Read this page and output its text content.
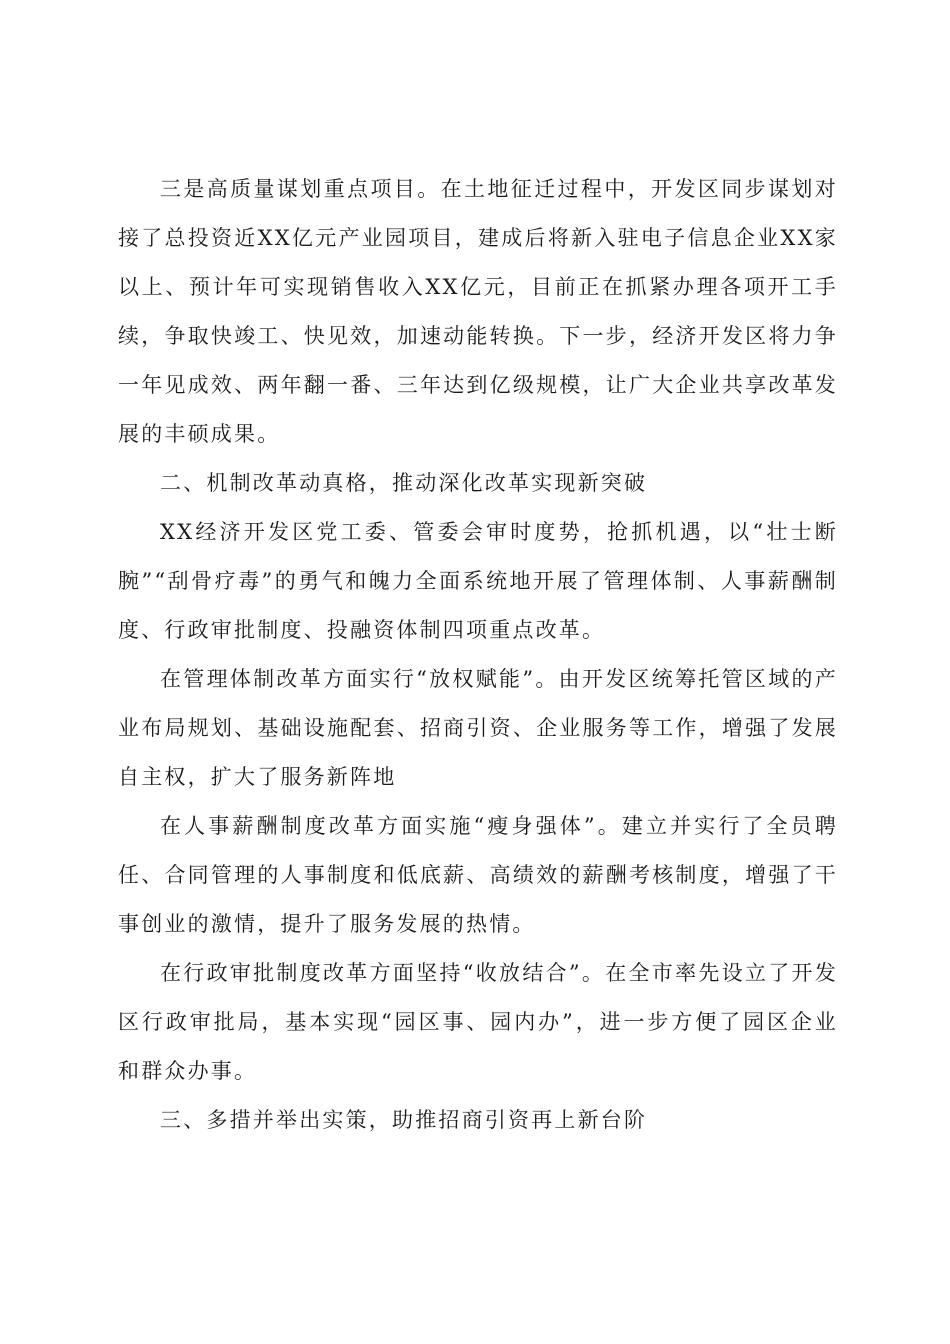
三是高质量谋划重点项目。在土地征迁过程中，开发区同步谋划对接了总投资近XX亿元产业园项目，建成后将新入驻电子信息企业XX家以上、预计年可实现销售收入XX亿元，目前正在抓紧办理各项开工手续，争取快竣工、快见效，加速动能转换。下一步，经济开发区将力争一年见成效、两年翻一番、三年达到亿级规模，让广大企业共享改革发展的丰硕成果。

二、机制改革动真格，推动深化改革实现新突破

XX经济开发区党工委、管委会审时度势，抢抓机遇，以“壮士断腕”“刮骨疗毒”的勇气和魄力全面系统地开展了管理体制、人事薪酬制度、行政审批制度、投融资体制四项重点改革。

在管理体制改革方面实行“放权赋能”。由开发区统筹托管区域的产业布局规划、基础设施配套、招商引资、企业服务等工作，增强了发展自主权，扩大了服务新阵地

在人事薪酬制度改革方面实施“瘦身强体”。建立并实行了全员聘任、合同管理的人事制度和低底薪、高绩效的薪酬考核制度，增强了干事创业的激情，提升了服务发展的热情。

在行政审批制度改革方面坚持“收放结合”。在全市率先设立了开发区行政审批局，基本实现“园区事、园内办”，进一步方便了园区企业和群众办事。

三、多措并举出实策，助推招商引资再上新台阶
